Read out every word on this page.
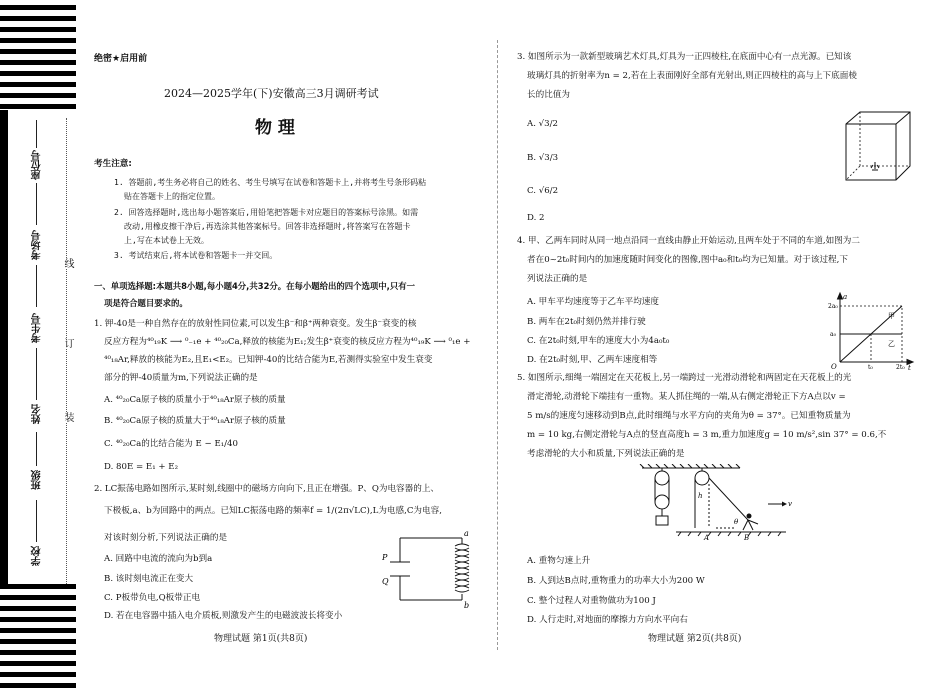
座位号
考场号
考生号
姓名
班级
学校
线
订
装
绝密★启用前
2024—2025学年(下)安徽高三3月调研考试
物 理
考生注意:
1. 答题前,考生务必将自己的姓名、考生号填写在试卷和答题卡上,并将考生号条形码粘
贴在答题卡上的指定位置。
2. 回答选择题时,选出每小题答案后,用铅笔把答题卡对应题目的答案标号涂黑。如需
改动,用橡皮擦干净后,再选涂其他答案标号。回答非选择题时,将答案写在答题卡
上,写在本试卷上无效。
3. 考试结束后,将本试卷和答题卡一并交回。
一、单项选择题:本题共8小题,每小题4分,共32分。在每小题给出的四个选项中,只有一
项是符合题目要求的。
1. 钾-40是一种自然存在的放射性同位素,可以发生β⁻和β⁺两种衰变。发生β⁻衰变的核
反应方程为⁴⁰₁₉K ⟶ ⁰₋₁e + ⁴⁰₂₀Ca,释放的核能为E₁;发生β⁺衰变的核反应方程为⁴⁰₁₉K ⟶ ⁰₁e +
⁴⁰₁₈Ar,释放的核能为E₂,且E₁<E₂。已知钾-40的比结合能为E,若测得实验室中发生衰变
部分的钾-40质量为m,下列说法正确的是
A. ⁴⁰₂₀Ca原子核的质量小于⁴⁰₁₈Ar原子核的质量
B. ⁴⁰₂₀Ca原子核的质量大于⁴⁰₁₈Ar原子核的质量
C. ⁴⁰₂₀Ca的比结合能为 E − E₁/40
D. 80E = E₁ + E₂
2. LC振荡电路如图所示,某时刻,线圈中的磁场方向向下,且正在增强。P、Q为电容器的上、
下极板,a、b为回路中的两点。已知LC振荡电路的频率f = 1/(2π√LC),L为电感,C为电容,
对该时刻分析,下列说法正确的是
A. 回路中电流的流向为b到a
B. 该时刻电流正在变大
C. P板带负电,Q板带正电
D. 若在电容器中插入电介质板,则激发产生的电磁波波长将变小
P
Q
a
b
物理试题 第1页(共8页)
3. 如图所示为一款新型玻璃艺术灯具,灯具为一正四棱柱,在底面中心有一点光源。已知该
玻璃灯具的折射率为n = 2,若在上表面刚好全部有光射出,则正四棱柱的高与上下底面棱
长的比值为
A. √3/2
B. √3/3
C. √6/2
D. 2
4. 甲、乙两车同时从同一地点沿同一直线由静止开始运动,且两车处于不同的车道,如图为二
者在0~2t₀时间内的加速度随时间变化的图像,图中a₀和t₀均为已知量。对于该过程,下
列说法正确的是
A. 甲车平均速度等于乙车平均速度
B. 两车在2t₀时刻仍然并排行驶
C. 在2t₀时刻,甲车的速度大小为4a₀t₀
D. 在2t₀时刻,甲、乙两车速度相等
a
t
O
2a₀
a₀
t₀	2t₀
甲
乙
5. 如图所示,细绳一端固定在天花板上,另一端跨过一光滑动滑轮和两固定在天花板上的光
滑定滑轮,动滑轮下端挂有一重物。某人抓住绳的一端,从右侧定滑轮正下方A点以v =
5 m/s的速度匀速移动到B点,此时细绳与水平方向的夹角为θ = 37°。已知重物质量为
m = 10 kg,右侧定滑轮与A点的竖直高度h = 3 m,重力加速度g = 10 m/s²,sin 37° = 0.6,不
考虑滑轮的大小和质量,下列说法正确的是
h
A	B
θ
v
A. 重物匀速上升
B. 人到达B点时,重物重力的功率大小为200 W
C. 整个过程人对重物做功为100 J
D. 人行走时,对地面的摩擦力方向水平向右
物理试题 第2页(共8页)
